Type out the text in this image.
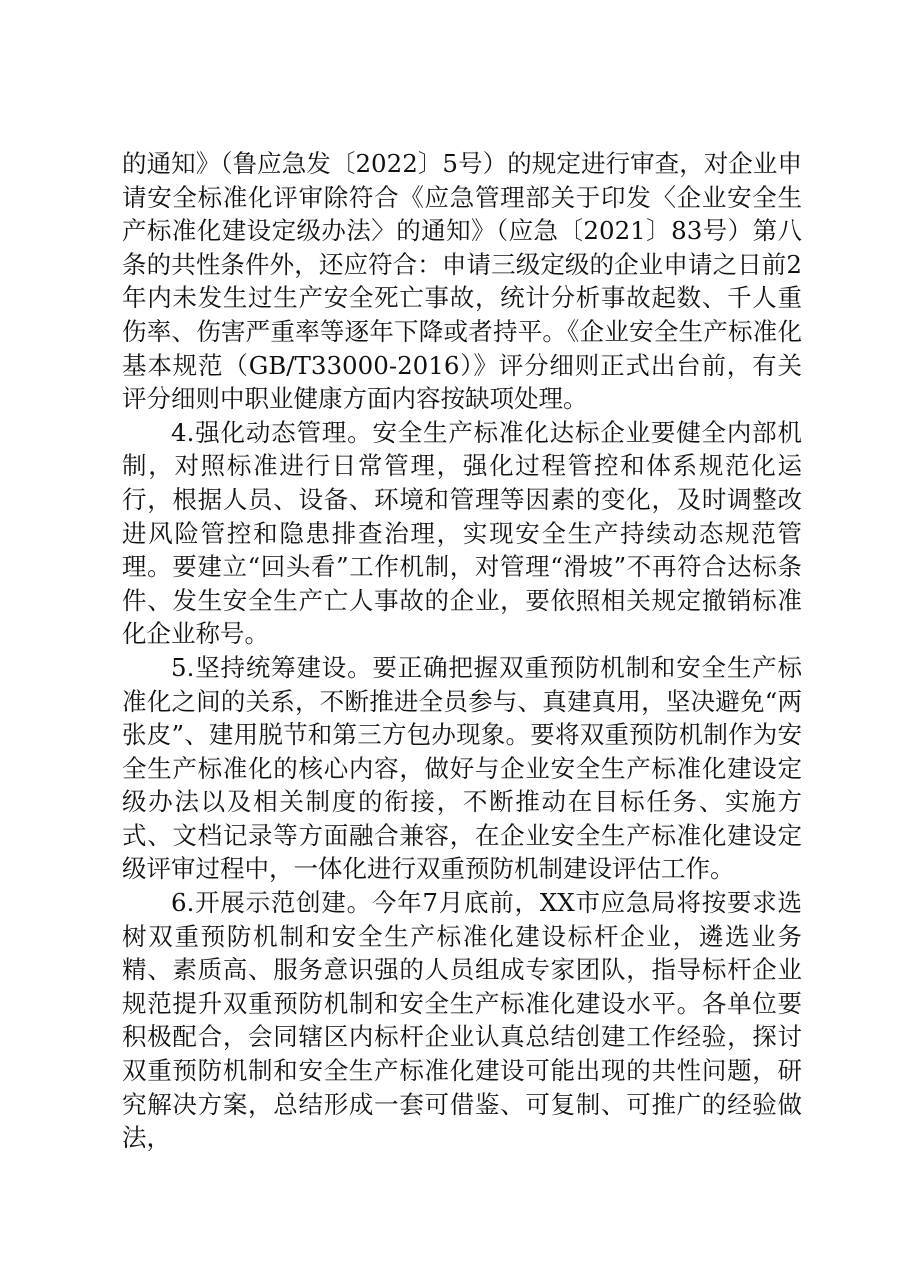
的通知》（鲁应急发〔2022〕5号）的规定进行审查，对企业申请安全标准化评审除符合《应急管理部关于印发〈企业安全生产标准化建设定级办法〉的通知》（应急〔2021〕83号）第八条的共性条件外，还应符合：申请三级定级的企业申请之日前2年内未发生过生产安全死亡事故，统计分析事故起数、千人重伤率、伤害严重率等逐年下降或者持平。《企业安全生产标准化基本规范（GB/T33000-2016）》评分细则正式出台前，有关评分细则中职业健康方面内容按缺项处理。

4.强化动态管理。安全生产标准化达标企业要健全内部机制，对照标准进行日常管理，强化过程管控和体系规范化运行，根据人员、设备、环境和管理等因素的变化，及时调整改进风险管控和隐患排查治理，实现安全生产持续动态规范管理。要建立“回头看”工作机制，对管理“滑坡”不再符合达标条件、发生安全生产亡人事故的企业，要依照相关规定撤销标准化企业称号。

5.坚持统筹建设。要正确把握双重预防机制和安全生产标准化之间的关系，不断推进全员参与、真建真用，坚决避免“两张皮”、建用脱节和第三方包办现象。要将双重预防机制作为安全生产标准化的核心内容，做好与企业安全生产标准化建设定级办法以及相关制度的衔接，不断推动在目标任务、实施方式、文档记录等方面融合兼容，在企业安全生产标准化建设定级评审过程中，一体化进行双重预防机制建设评估工作。

6.开展示范创建。今年7月底前，XX市应急局将按要求选树双重预防机制和安全生产标准化建设标杆企业，遴选业务精、素质高、服务意识强的人员组成专家团队，指导标杆企业规范提升双重预防机制和安全生产标准化建设水平。各单位要积极配合，会同辖区内标杆企业认真总结创建工作经验，探讨双重预防机制和安全生产标准化建设可能出现的共性问题，研究解决方案，总结形成一套可借鉴、可复制、可推广的经验做法，
